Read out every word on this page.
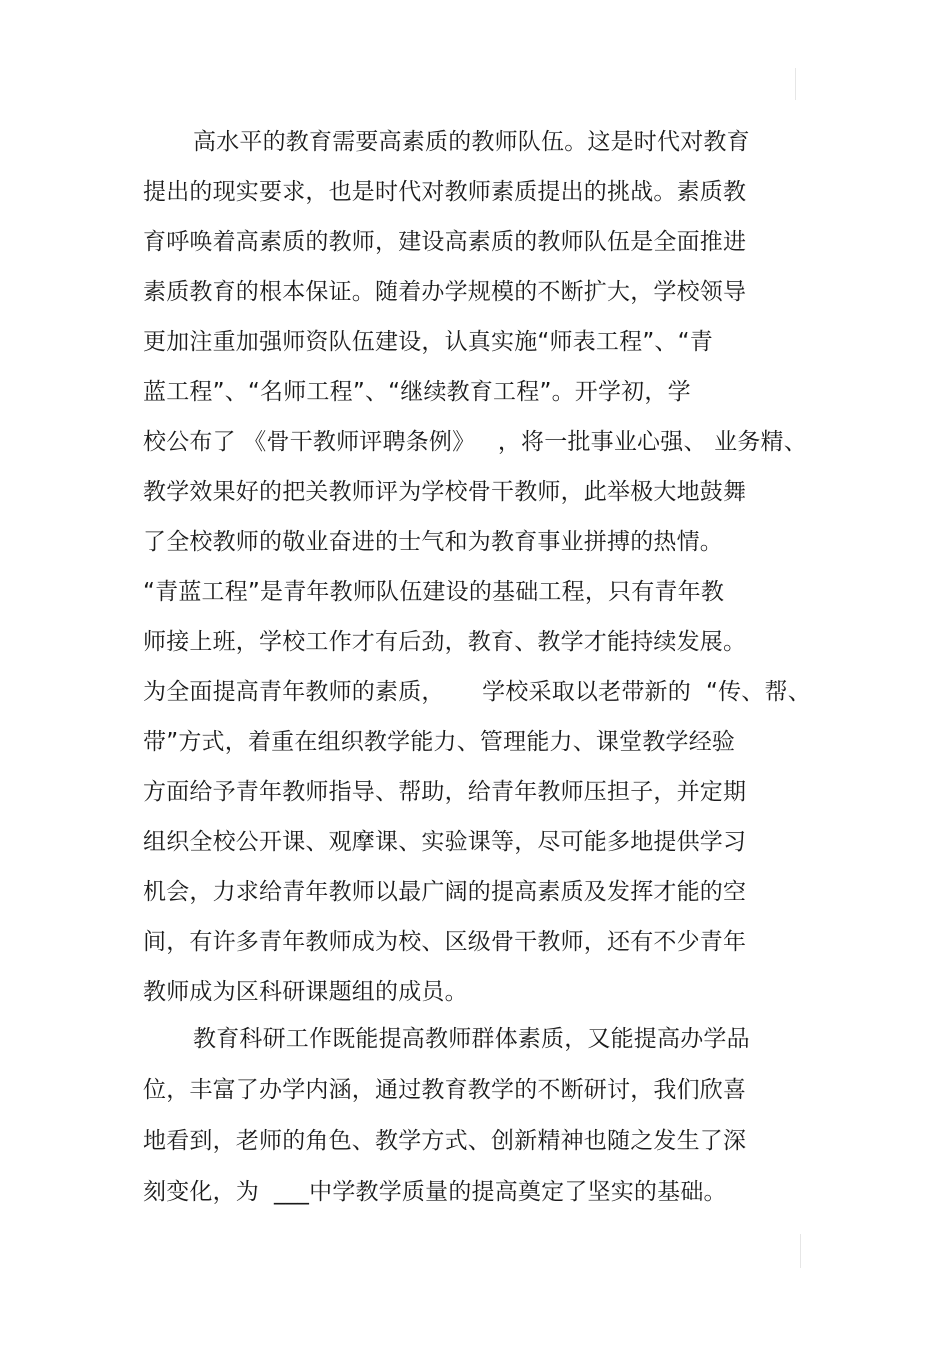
高水平的教育需要高素质的教师队伍。这是时代对教育
提出的现实要求，也是时代对教师素质提出的挑战。素质教
育呼唤着高素质的教师，建设高素质的教师队伍是全面推进
素质教育的根本保证。随着办学规模的不断扩大，学校领导
更加注重加强师资队伍建设，认真实施“师表工程”、“青
蓝工程”、“名师工程”、“继续教育工程”。开学初，学
校公布了 《骨干教师评聘条例》   ，将一批事业心强、 业务精、
教学效果好的把关教师评为学校骨干教师，此举极大地鼓舞
了全校教师的敬业奋进的士气和为教育事业拼搏的热情。
“青蓝工程”是青年教师队伍建设的基础工程，只有青年教
师接上班，学校工作才有后劲，教育、教学才能持续发展。
为全面提高青年教师的素质，     学校采取以老带新的  “传、帮、
带”方式，着重在组织教学能力、管理能力、课堂教学经验
方面给予青年教师指导、帮助，给青年教师压担子，并定期
组织全校公开课、观摩课、实验课等，尽可能多地提供学习
机会，力求给青年教师以最广阔的提高素质及发挥才能的空
间，有许多青年教师成为校、区级骨干教师，还有不少青年
教师成为区科研课题组的成员。
教育科研工作既能提高教师群体素质，又能提高办学品
位，丰富了办学内涵，通过教育教学的不断研讨，我们欣喜
地看到，老师的角色、教学方式、创新精神也随之发生了深
刻变化，为  ___中学教学质量的提高奠定了坚实的基础。
